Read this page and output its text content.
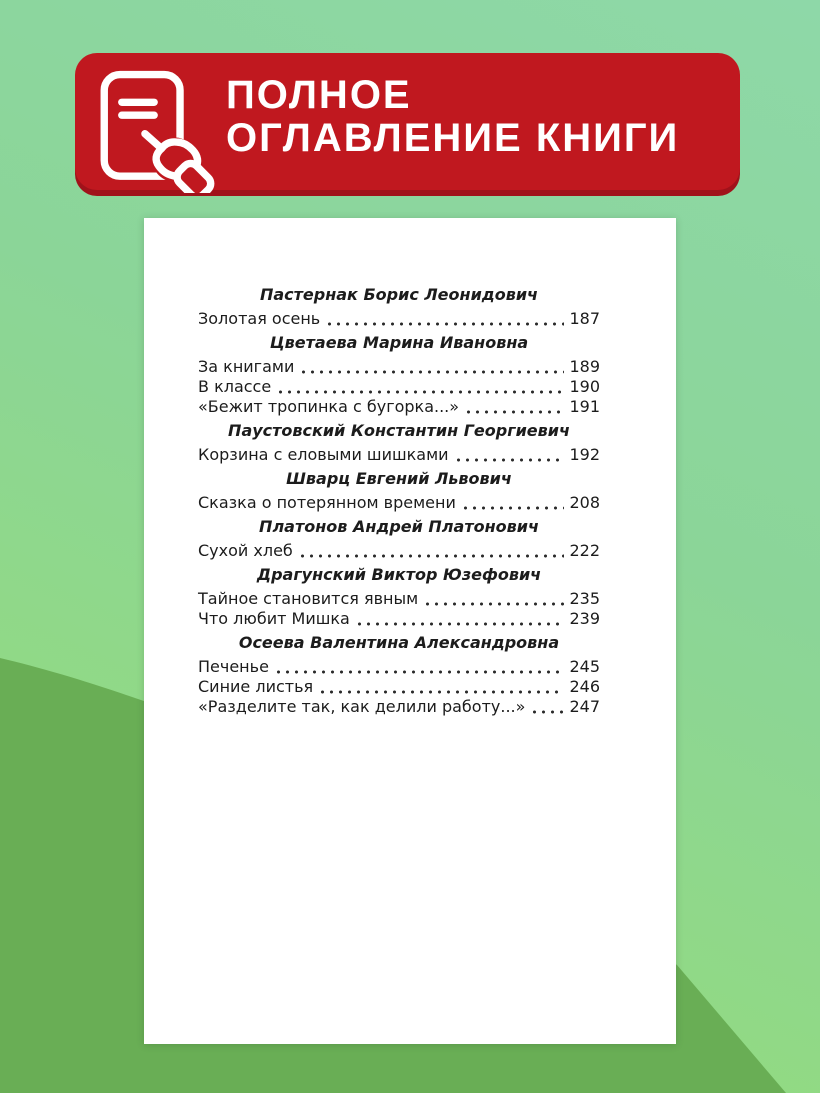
ПОЛНОЕ
ОГЛАВЛЕНИЕ КНИГИ
Пастернак Борис Леонидович
Золотая осень	187
Цветаева Марина Ивановна
За книгами	189
В классе	190
«Бежит тропинка с бугорка...»	191
Паустовский Константин Георгиевич
Корзина с еловыми шишками	192
Шварц Евгений Львович
Сказка о потерянном времени	208
Платонов Андрей Платонович
Сухой хлеб	222
Драгунский Виктор Юзефович
Тайное становится явным	235
Что любит Мишка	239
Осеева Валентина Александровна
Печенье	245
Синие листья	246
«Разделите так, как делили работу...»	247
